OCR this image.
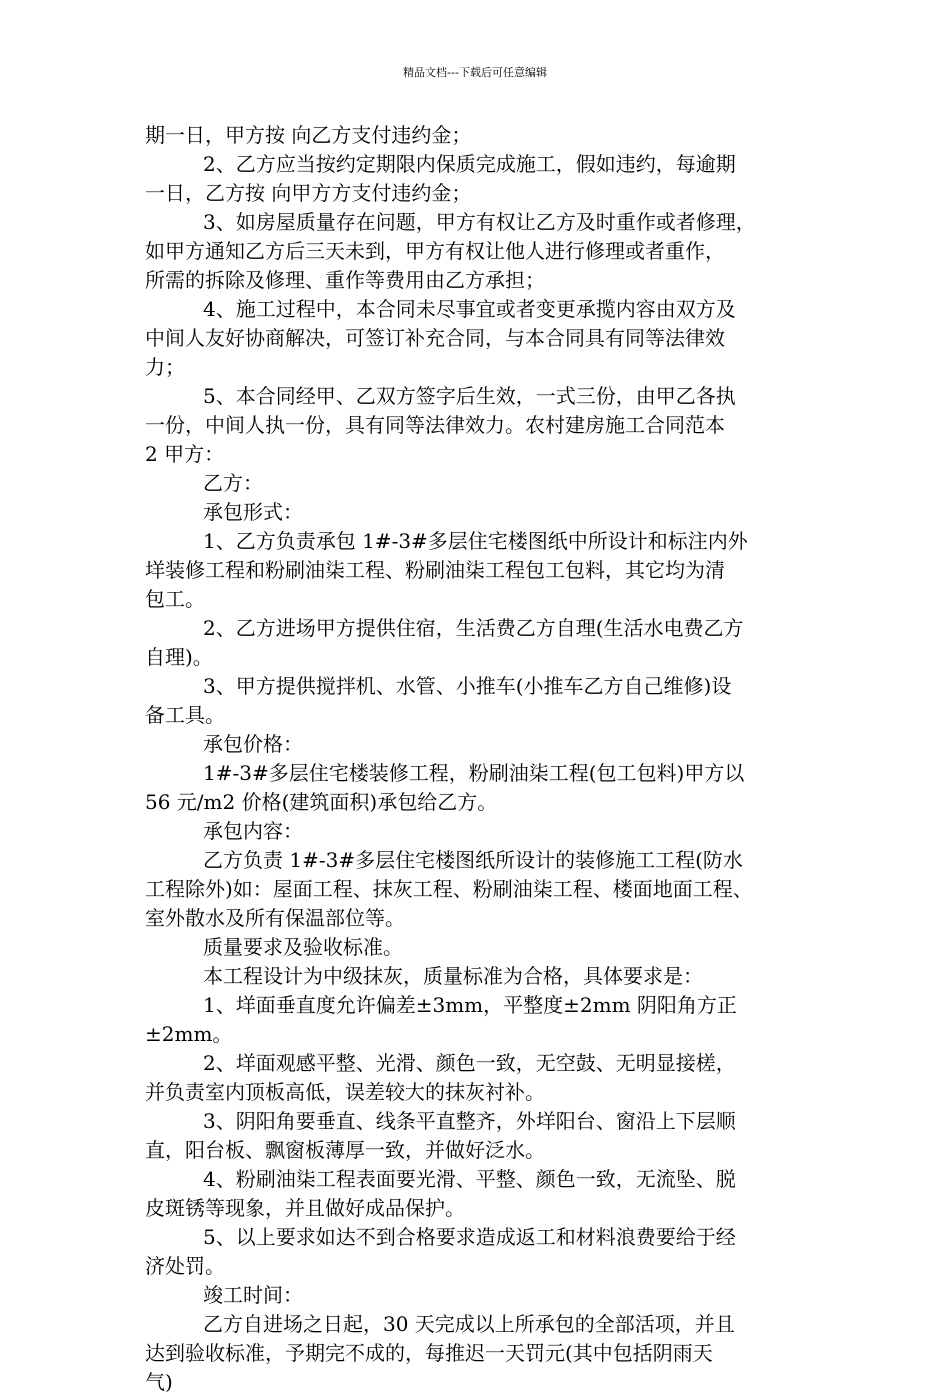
精品文档---下载后可任意编辑
期一日，甲方按 向乙方支付违约金；
2、乙方应当按约定期限内保质完成施工，假如违约，每逾期
一日，乙方按 向甲方方支付违约金；
3、如房屋质量存在问题，甲方有权让乙方及时重作或者修理，
如甲方通知乙方后三天未到，甲方有权让他人进行修理或者重作，
所需的拆除及修理、重作等费用由乙方承担；
4、施工过程中，本合同未尽事宜或者变更承揽内容由双方及
中间人友好协商解决，可签订补充合同，与本合同具有同等法律效
力；
5、本合同经甲、乙双方签字后生效，一式三份，由甲乙各执
一份，中间人执一份，具有同等法律效力。农村建房施工合同范本
2 甲方：
乙方：
承包形式：
1、乙方负责承包 1#-3#多层住宅楼图纸中所设计和标注内外
垟装修工程和粉刷油柒工程、粉刷油柒工程包工包料，其它均为清
包工。
2、乙方进场甲方提供住宿，生活费乙方自理(生活水电费乙方
自理)。
3、甲方提供搅拌机、水管、小推车(小推车乙方自己维修)设
备工具。
承包价格：
1#-3#多层住宅楼装修工程，粉刷油柒工程(包工包料)甲方以
56 元/m2 价格(建筑面积)承包给乙方。
承包内容：
乙方负责 1#-3#多层住宅楼图纸所设计的装修施工工程(防水
工程除外)如：屋面工程、抹灰工程、粉刷油柒工程、楼面地面工程、
室外散水及所有保温部位等。
质量要求及验收标准。
本工程设计为中级抹灰，质量标准为合格，具体要求是：
1、垟面垂直度允许偏差±3mm，平整度±2mm 阴阳角方正
±2mm。
2、垟面观感平整、光滑、颜色一致，无空鼓、无明显接槎，
并负责室内顶板高低，误差较大的抹灰衬补。
3、阴阳角要垂直、线条平直整齐，外垟阳台、窗沿上下层顺
直，阳台板、飘窗板薄厚一致，并做好泛水。
4、粉刷油柒工程表面要光滑、平整、颜色一致，无流坠、脱
皮斑锈等现象，并且做好成品保护。
5、以上要求如达不到合格要求造成返工和材料浪费要给于经
济处罚。
竣工时间：
乙方自进场之日起，30 天完成以上所承包的全部活项，并且
达到验收标准，予期完不成的，每推迟一天罚元(其中包括阴雨天
气)
